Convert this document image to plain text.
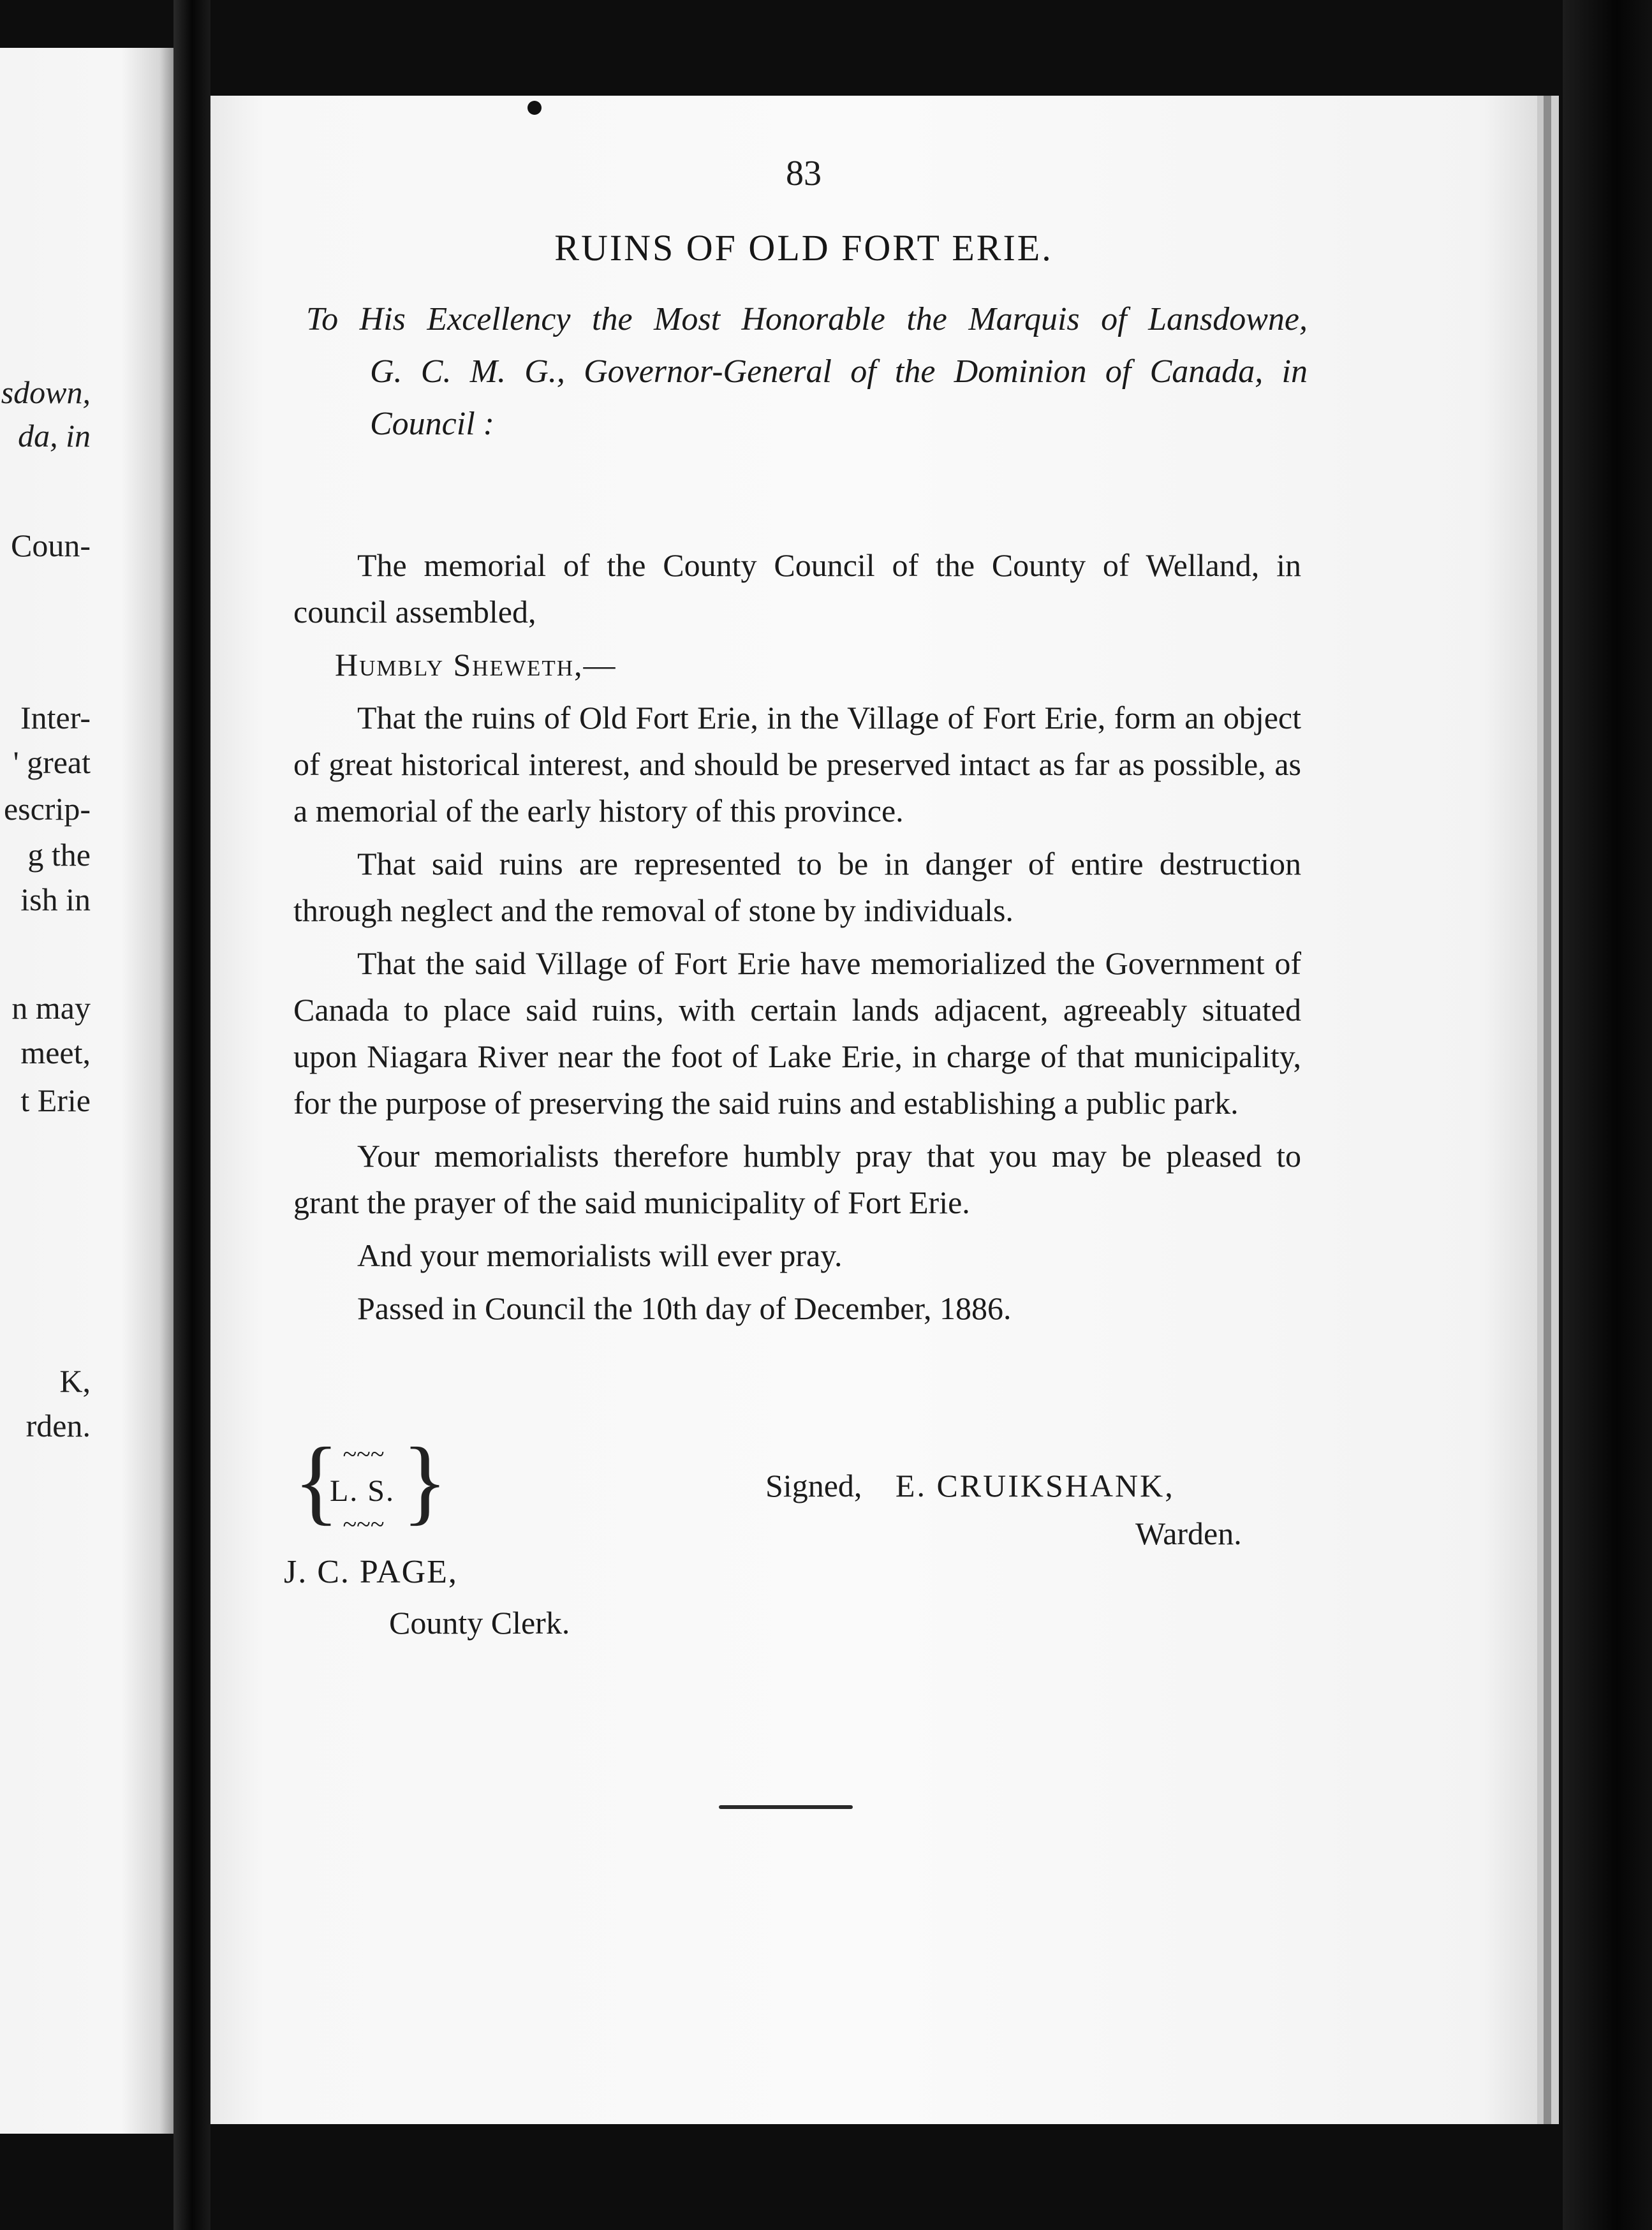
sdown,
da, in
Coun-
Inter-
' great
escrip-
g the
ish in
n may
meet,
t Erie
K,
rden.
83
RUINS OF OLD FORT ERIE.
To His Excellency the Most Honorable the Marquis of Lansdowne,
G. C. M. G., Governor-General of the Dominion of Canada, in
Council :

The memorial of the County Council of the County of Welland, in council assembled,

Humbly Sheweth,—

That the ruins of Old Fort Erie, in the Village of Fort Erie, form an object of great historical interest, and should be preserved intact as far as possible, as a memorial of the early history of this province.

That said ruins are represented to be in danger of entire destruction through neglect and the removal of stone by individuals.

That the said Village of Fort Erie have memorialized the Government of Canada to place said ruins, with certain lands adjacent, agreeably situated upon Niagara River near the foot of Lake Erie, in charge of that municipality, for the purpose of preserving the said ruins and establishing a public park.

Your memorialists therefore humbly pray that you may be pleased to grant the prayer of the said municipality of Fort Erie.

And your memorialists will ever pray.

Passed in Council the 10th day of December, 1886.

{ ~~~
L. S.
~~~ }	Signed, E. CRUIKSHANK,
Warden.
J. C. PAGE,
County Clerk.
